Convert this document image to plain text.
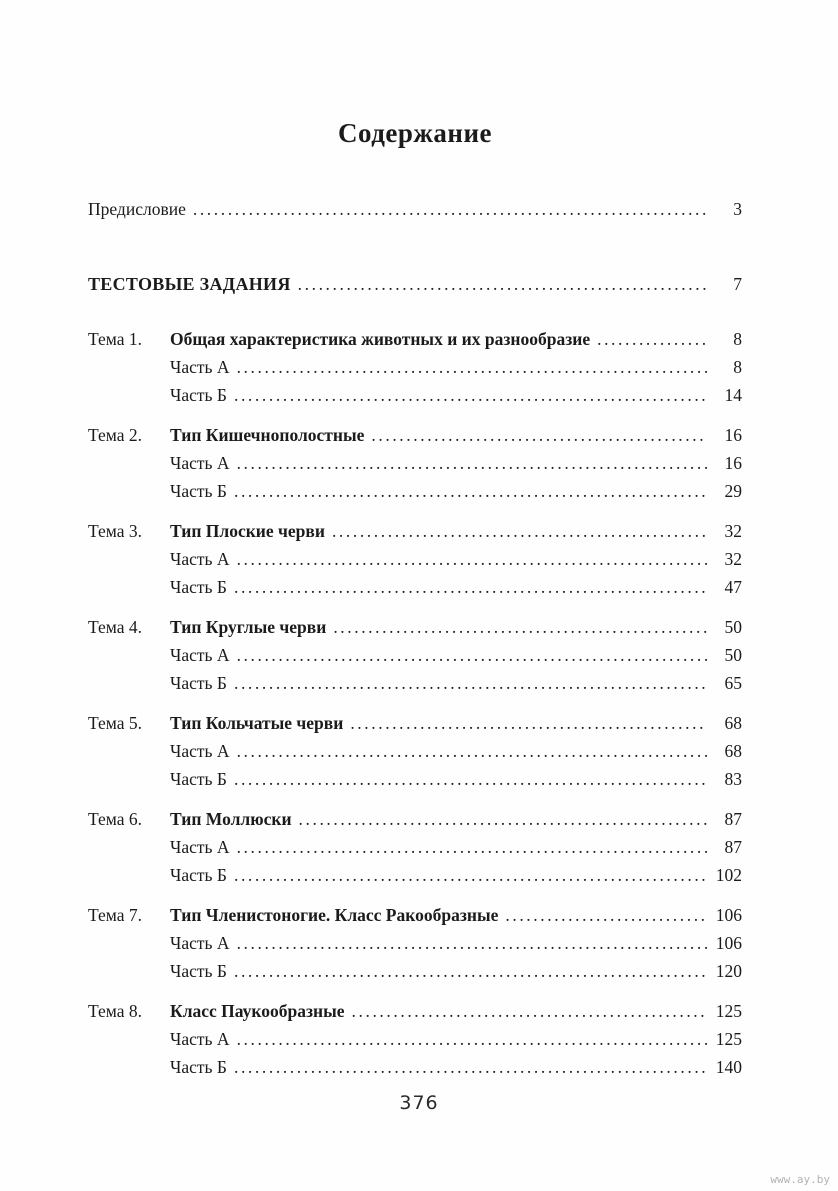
Содержание
Предисловие .....	3
ТЕСТОВЫЕ ЗАДАНИЯ .....	7
Тема 1.	Общая характеристика животных и их разнообразие .....	8
Часть А .....	8
Часть Б .....	14
Тема 2.	Тип Кишечнополостные .....	16
Часть А .....	16
Часть Б .....	29
Тема 3.	Тип Плоские черви .....	32
Часть А .....	32
Часть Б .....	47
Тема 4.	Тип Круглые черви .....	50
Часть А .....	50
Часть Б .....	65
Тема 5.	Тип Кольчатые черви .....	68
Часть А .....	68
Часть Б .....	83
Тема 6.	Тип Моллюски .....	87
Часть А .....	87
Часть Б .....	102
Тема 7.	Тип Членистоногие. Класс Ракообразные .....	106
Часть А .....	106
Часть Б .....	120
Тема 8.	Класс Паукообразные .....	125
Часть А .....	125
Часть Б .....	140
376
www.ay.by
